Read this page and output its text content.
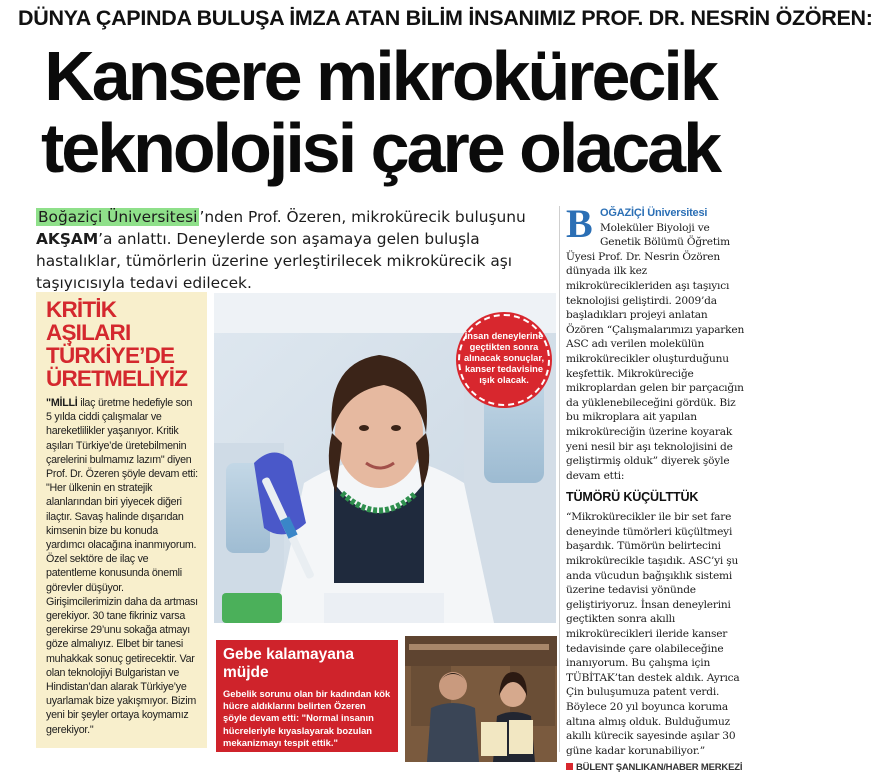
DÜNYA ÇAPINDA BULUŞA İMZA ATAN BİLİM İNSANIMIZ PROF. DR. NESRİN ÖZÖREN:
Kansere mikrokürecik
teknolojisi çare olacak

Boğaziçi Üniversitesi ’nden Prof. Özeren, mikrokürecik buluşunu AKŞAM’a anlattı. Deneylerde son aşamaya gelen buluşla hastalıklar, tümörlerin üzerine yerleştirilecek mikrokürecik aşı taşıyıcısıyla tedavi edilecek.

KRİTİK AŞILARI
TÜRKİYE’DE
ÜRETMELİYİZ

"MİLLİ ilaç üretme hedefiyle son 5 yılda ciddi çalışmalar ve hareketlilikler yaşanıyor. Kritik aşıları Türkiye’de üretebilmenin çarelerini bulmamız lazım" diyen Prof. Dr. Özeren şöyle devam etti: "Her ülkenin en stratejik alanlarından biri yiyecek diğeri ilaçtır. Savaş halinde dışarıdan kimsenin bize bu konuda yardımcı olacağına inanmıyorum. Özel sektöre de ilaç ve patentleme konusunda önemli görevler düşüyor. Girişimcilerimizin daha da artması gerekiyor. 30 tane fikriniz varsa gerekirse 29’unu sokağa atmayı göze almalıyız. Elbet bir tanesi muhakkak sonuç getirecektir. Var olan teknolojiyi Bulgaristan ve Hindistan’dan alarak Türkiye’ye uyarlamak bize yakışmıyor. Bizim yeni bir şeyler ortaya koymamız gerekiyor."

İnsan deneylerine geçtikten sonra alınacak sonuçlar, kanser tedavisine ışık olacak.
Gebe kalamayana müjde

Gebelik sorunu olan bir kadından kök hücre aldıklarını belirten Özeren şöyle devam etti: "Normal insanın hücreleriyle kıyaslayarak bozulan mekanizmayı tespit ettik."

B OĞAZİÇİ Üniversitesi Moleküler Biyoloji ve Genetik Bölümü Öğretim Üyesi Prof. Dr. Nesrin Özören dünyada ilk kez mikrokürecikleriden aşı taşıyıcı teknolojisi geliştirdi. 2009’da başladıkları projeyi anlatan Özören “Çalışmalarımızı yaparken ASC adı verilen molekülün mikrokürecikler oluşturduğunu keşfettik. Mikroküreciğe mikroplardan gelen bir parçacığın da yüklenebileceğini gördük. Biz bu mikroplara ait yapılan mikroküreciğin üzerine koyarak yeni nesil bir aşı teknolojisini de geliştirmiş olduk” diyerek şöyle devam etti:
TÜMÖRÜ KÜÇÜLTTÜK

“Mikrokürecikler ile bir set fare deneyinde tümörleri küçültmeyi başardık. Tümörün belirtecini mikrokürecikle taşıdık. ASC’yi şu anda vücudun bağışıklık sistemi üzerine tedavisi yönünde geliştiriyoruz. İnsan deneylerini geçtikten sonra akıllı mikrokürecikleri ileride kanser tedavisinde çare olabileceğine inanıyorum. Bu çalışma için TÜBİTAK’tan destek aldık. Ayrıca Çin buluşumuza patent verdi. Böylece 20 yıl boyunca koruma altına almış olduk. Bulduğumuz akıllı kürecik sayesinde aşılar 30 güne kadar korunabiliyor.”

BÜLENT ŞANLIKAN/HABER MERKEZİ
